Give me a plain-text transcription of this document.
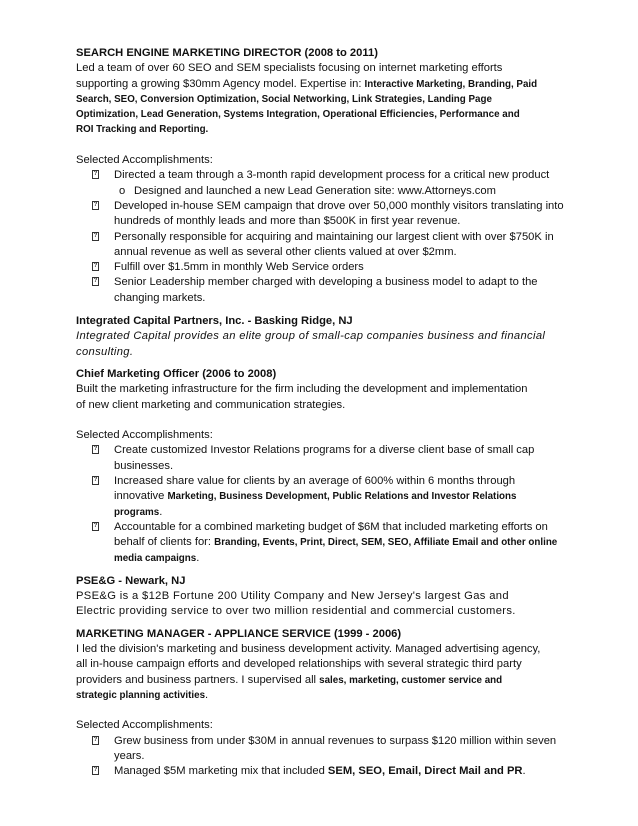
SEARCH ENGINE MARKETING DIRECTOR (2008 to 2011)
Led a team of over 60 SEO and SEM specialists focusing on internet marketing efforts
supporting a growing $30mm Agency model. Expertise in: Interactive Marketing, Branding, Paid
Search, SEO, Conversion Optimization, Social Networking, Link Strategies, Landing Page
Optimization, Lead Generation, Systems Integration, Operational Efficiencies, Performance and
ROI Tracking and Reporting.
Selected Accomplishments:
?
Directed a team through a 3-month rapid development process for a critical new product
o Designed and launched a new Lead Generation site: www.Attorneys.com
?
Developed in-house SEM campaign that drove over 50,000 monthly visitors translating into hundreds of monthly leads and more than $500K in first year revenue.
?
Personally responsible for acquiring and maintaining our largest client with over $750K in annual revenue as well as several other clients valued at over $2mm.
?
Fulfill over $1.5mm in monthly Web Service orders
?
Senior Leadership member charged with developing a business model to adapt to the changing markets.
Integrated Capital Partners, Inc. - Basking Ridge, NJ
Integrated Capital provides an elite group of small-cap companies business and financial consulting.
Chief Marketing Officer (2006 to 2008)
Built the marketing infrastructure for the firm including the development and implementation
of new client marketing and communication strategies.
Selected Accomplishments:
?
Create customized Investor Relations programs for a diverse client base of small cap businesses.
?
Increased share value for clients by an average of 600% within 6 months through innovative Marketing, Business Development, Public Relations and Investor Relations programs.
?
Accountable for a combined marketing budget of $6M that included marketing efforts on behalf of clients for: Branding, Events, Print, Direct, SEM, SEO, Affiliate Email and other online media campaigns.
PSE&G - Newark, NJ
PSE&G is a $12B Fortune 200 Utility Company and New Jersey's largest Gas and
Electric providing service to over two million residential and commercial customers.
MARKETING MANAGER - APPLIANCE SERVICE (1999 - 2006)
I led the division's marketing and business development activity. Managed advertising agency,
all in-house campaign efforts and developed relationships with several strategic third party
providers and business partners. I supervised all sales, marketing, customer service and
strategic planning activities.
Selected Accomplishments:
?
Grew business from under $30M in annual revenues to surpass $120 million within seven years.
?
Managed $5M marketing mix that included SEM, SEO, Email, Direct Mail and PR.
